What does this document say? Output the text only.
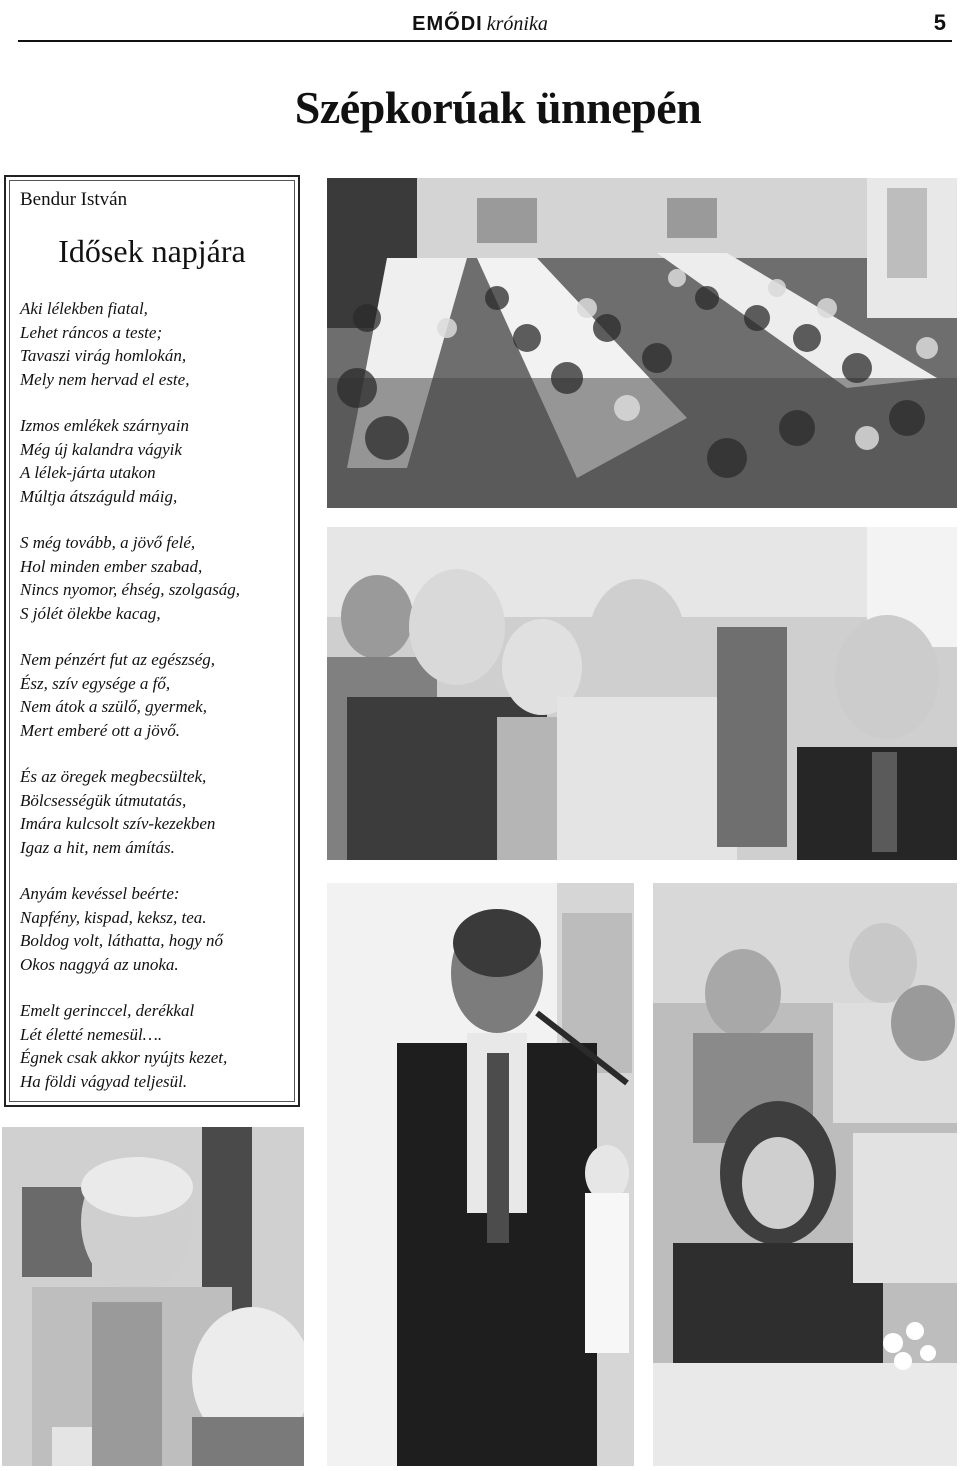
EMŐDI krónika	5
Szépkorúak ünnepén
Bendur István
Idősek napjára
Aki lélekben fiatal,
Lehet ráncos a teste;
Tavaszi virág homlokán,
Mely nem hervad el este,
Izmos emlékek szárnyain
Még új kalandra vágyik
A lélek-járta utakon
Múltja átszáguld máig,
S még tovább, a jövő felé,
Hol minden ember szabad,
Nincs nyomor, éhség, szolgaság,
S jólét ölekbe kacag,
Nem pénzért fut az egészség,
Ész, szív egysége a fő,
Nem átok a szülő, gyermek,
Mert emberé ott a jövő.
És az öregek megbecsültek,
Bölcsességük útmutatás,
Imára kulcsolt szív-kezekben
Igaz a hit, nem ámítás.
Anyám kevéssel beérte:
Napfény, kispad, keksz, tea.
Boldog volt, láthatta, hogy nő
Okos naggyá az unoka.
Emelt gerinccel, derékkal
Lét életté nemesül….
Égnek csak akkor nyújts kezet,
Ha földi vágyad teljesül.
